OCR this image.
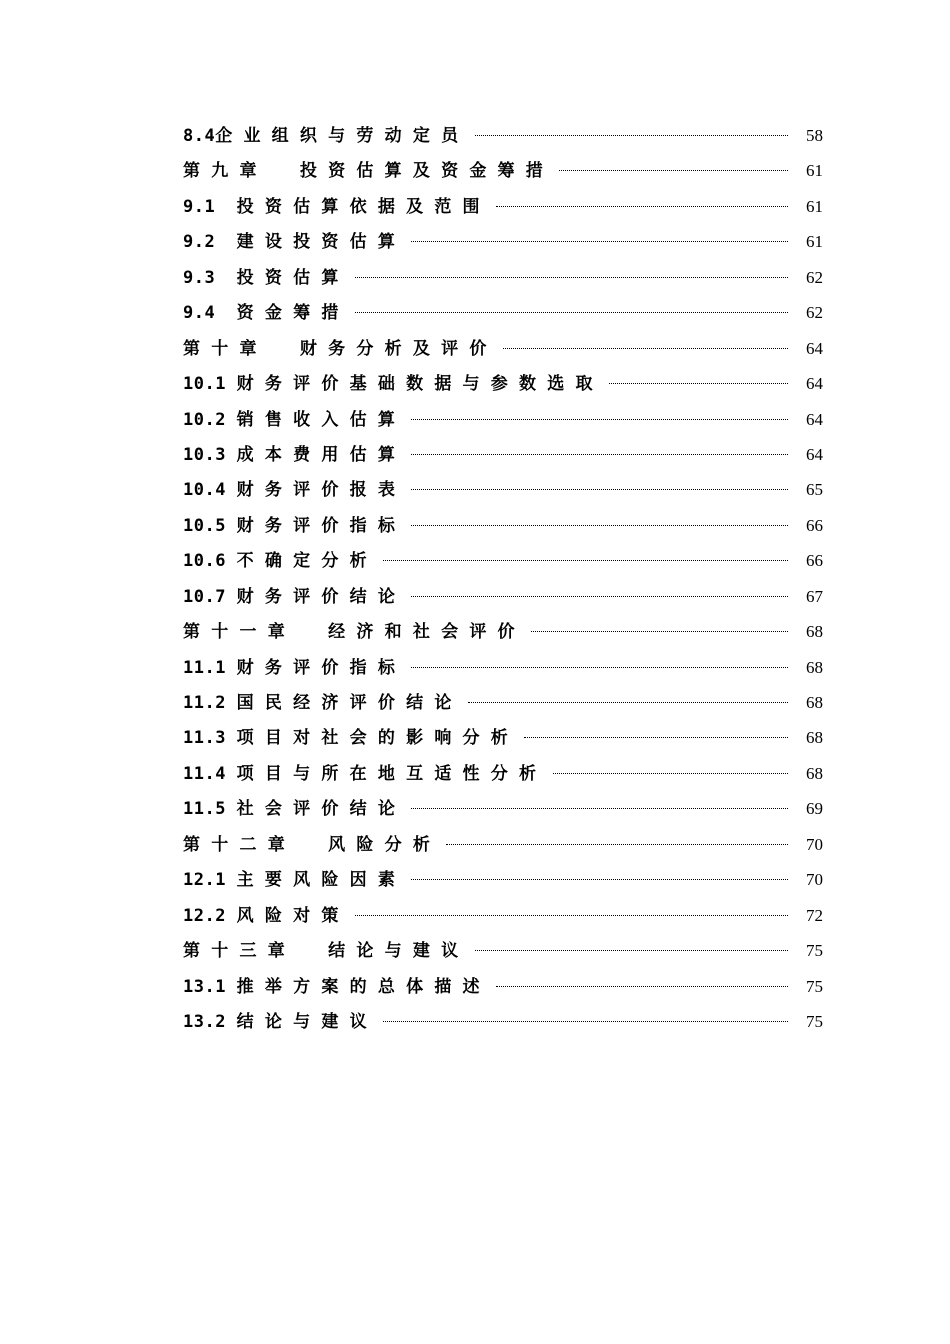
8.4企 业 组 织 与 劳 动 定 员	58
第 九 章    投 资 估 算 及 资 金 筹 措	61
9.1  投 资 估 算 依 据 及 范 围	61
9.2  建 设 投 资 估 算	61
9.3  投 资 估 算	62
9.4  资 金 筹 措	62
第 十 章    财 务 分 析 及 评 价	64
10.1 财 务 评 价 基 础 数 据 与 参 数 选 取	64
10.2 销 售 收 入 估 算	64
10.3 成 本 费 用 估 算	64
10.4 财 务 评 价 报 表	65
10.5 财 务 评 价 指 标	66
10.6 不 确 定 分 析	66
10.7 财 务 评 价 结 论	67
第 十 一 章    经 济 和 社 会 评 价	68
11.1 财 务 评 价 指 标	68
11.2 国 民 经 济 评 价 结 论	68
11.3 项 目 对 社 会 的 影 响 分 析	68
11.4 项 目 与 所 在 地 互 适 性 分 析	68
11.5 社 会 评 价 结 论	69
第 十 二 章    风 险 分 析	70
12.1 主 要 风 险 因 素	70
12.2 风 险 对 策	72
第 十 三 章    结 论 与 建 议	75
13.1 推 举 方 案 的 总 体 描 述	75
13.2 结 论 与 建 议	75
